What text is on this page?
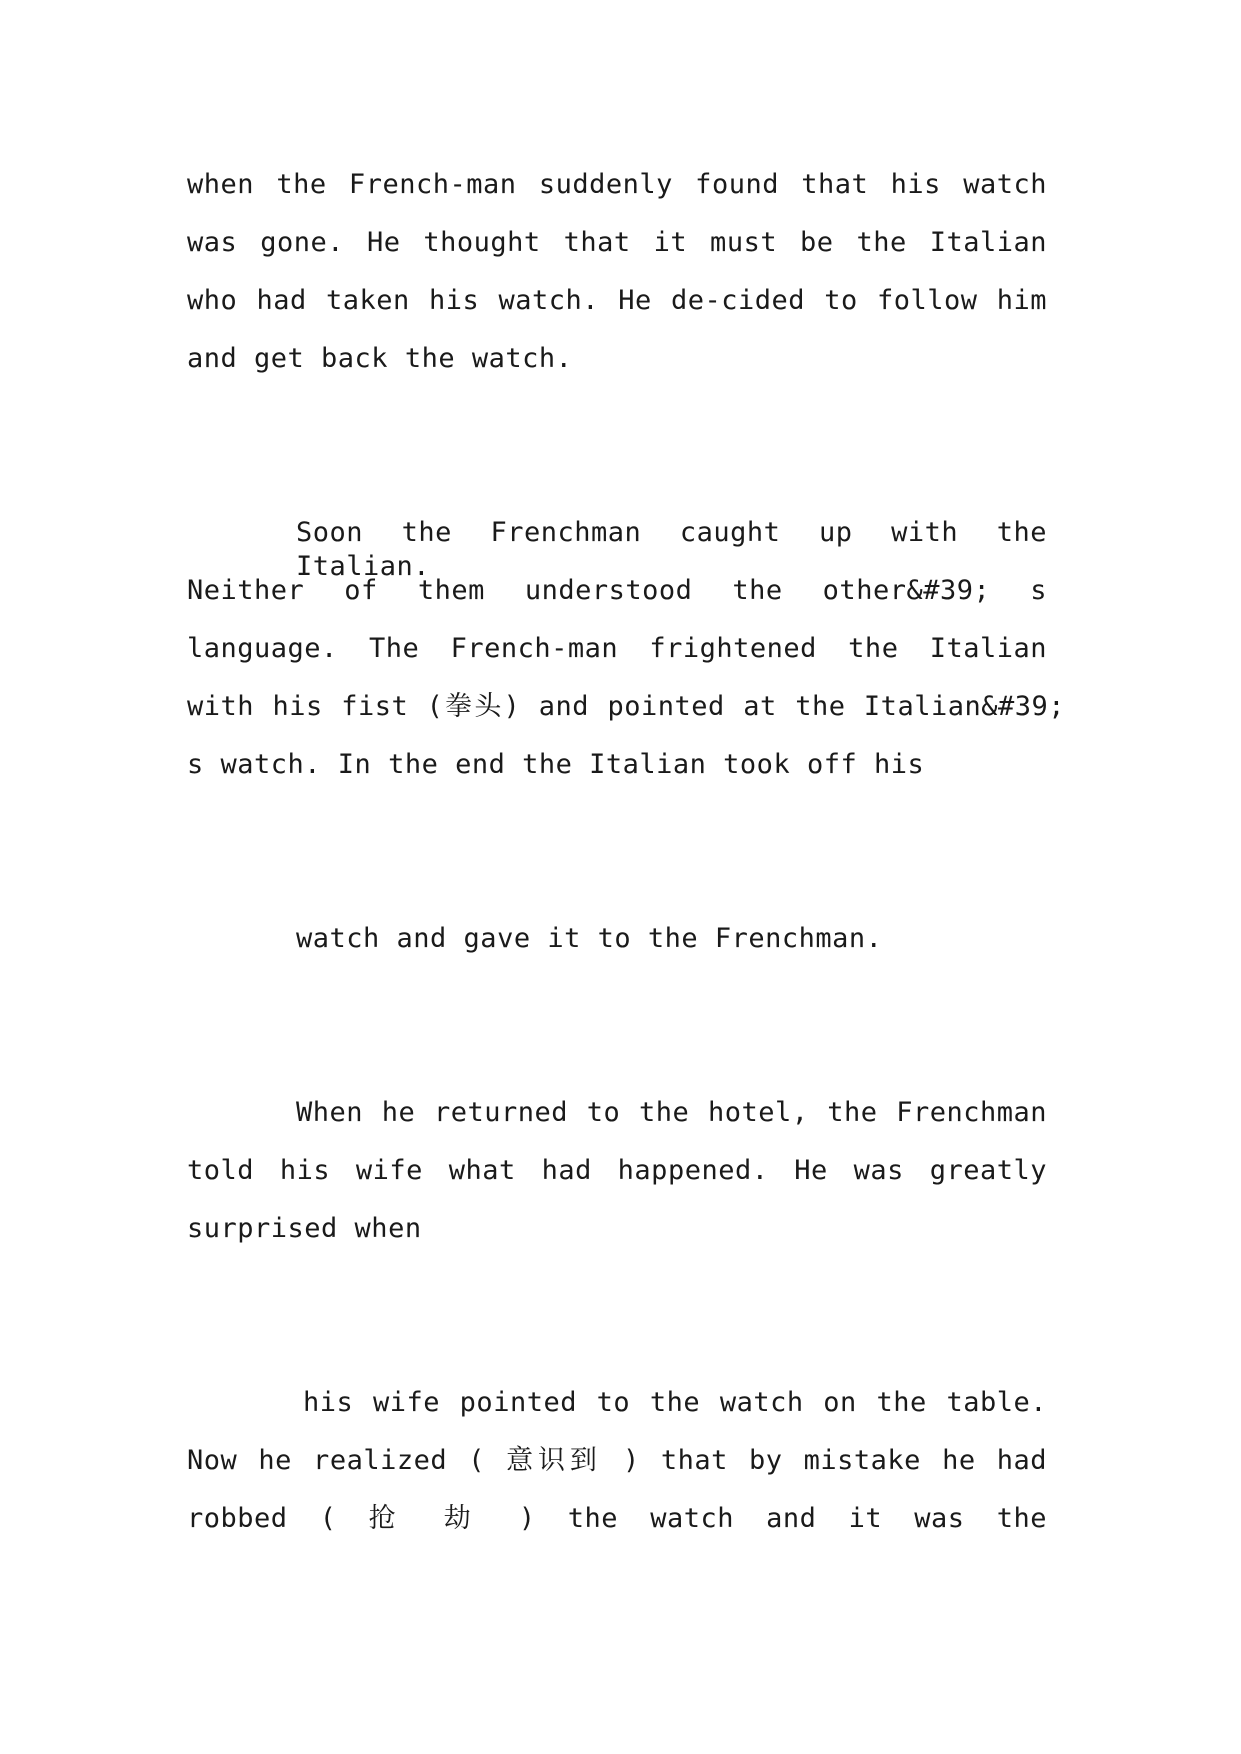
when the French-man suddenly found that his watch
was gone. He thought that it must be the Italian
who had taken his watch. He de-cided to follow him
and get back the watch.
Soon the Frenchman caught up with the Italian.
Neither of them understood the other&#39; s
language. The French-man frightened the Italian
with his fist (拳头) and pointed at the Italian&#39;
s watch. In the end the Italian took off his
watch and gave it to the Frenchman.
When he returned to the hotel, the Frenchman
told his wife what had happened. He was greatly
surprised when
his wife pointed to the watch on the table.
Now he realized ( 意识到 ) that by mistake he had
robbed ( 抢 劫 ) the watch and it was the
